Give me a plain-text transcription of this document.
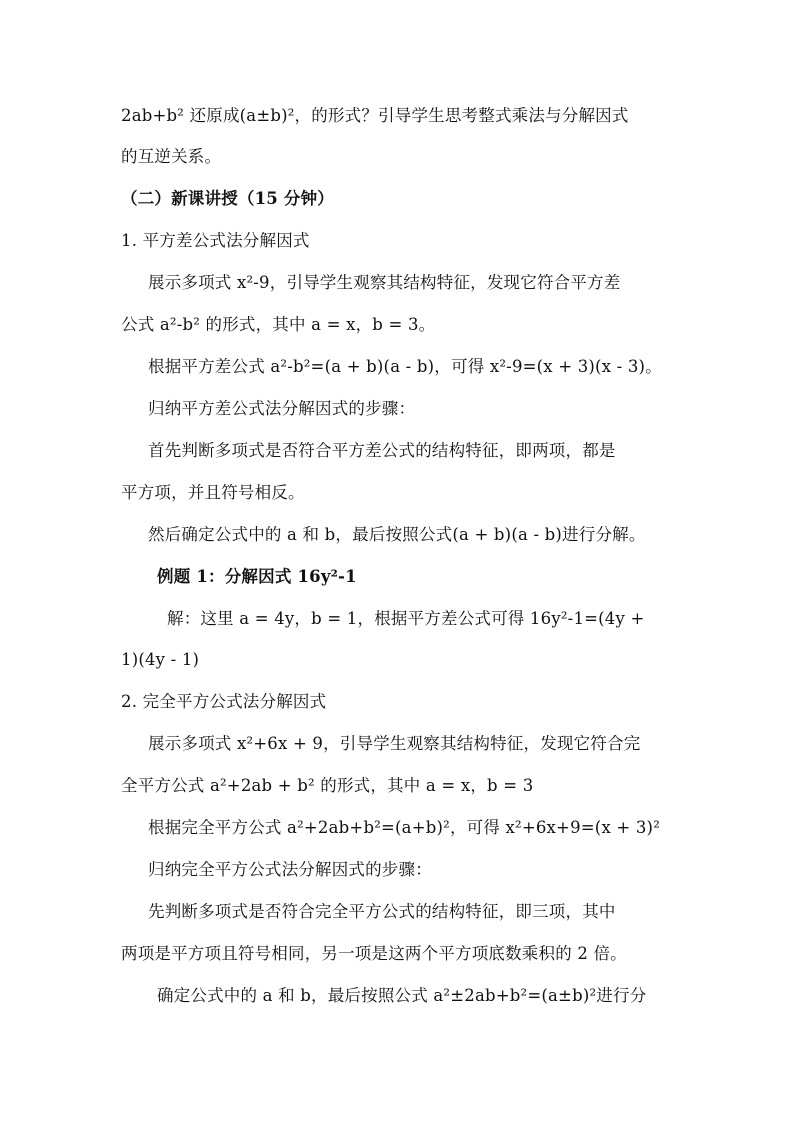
2ab+b² 还原成(a±b)²，的形式？引导学生思考整式乘法与分解因式
的互逆关系。
（二）新课讲授（15 分钟）
1. 平方差公式法分解因式
展示多项式 x²-9，引导学生观察其结构特征，发现它符合平方差
公式 a²-b² 的形式，其中 a = x，b = 3。
根据平方差公式 a²-b²=(a + b)(a - b)，可得 x²-9=(x + 3)(x - 3)。
归纳平方差公式法分解因式的步骤：
首先判断多项式是否符合平方差公式的结构特征，即两项，都是
平方项，并且符号相反。
然后确定公式中的 a 和 b，最后按照公式(a + b)(a - b)进行分解。
例题 1：分解因式 16y²-1
解：这里 a = 4y，b = 1，根据平方差公式可得 16y²-1=(4y +
1)(4y - 1)
2. 完全平方公式法分解因式
展示多项式 x²+6x + 9，引导学生观察其结构特征，发现它符合完
全平方公式 a²+2ab + b² 的形式，其中 a = x，b = 3
根据完全平方公式 a²+2ab+b²=(a+b)²，可得 x²+6x+9=(x + 3)²
归纳完全平方公式法分解因式的步骤：
先判断多项式是否符合完全平方公式的结构特征，即三项，其中
两项是平方项且符号相同，另一项是这两个平方项底数乘积的 2 倍。
确定公式中的 a 和 b，最后按照公式 a²±2ab+b²=(a±b)²进行分
